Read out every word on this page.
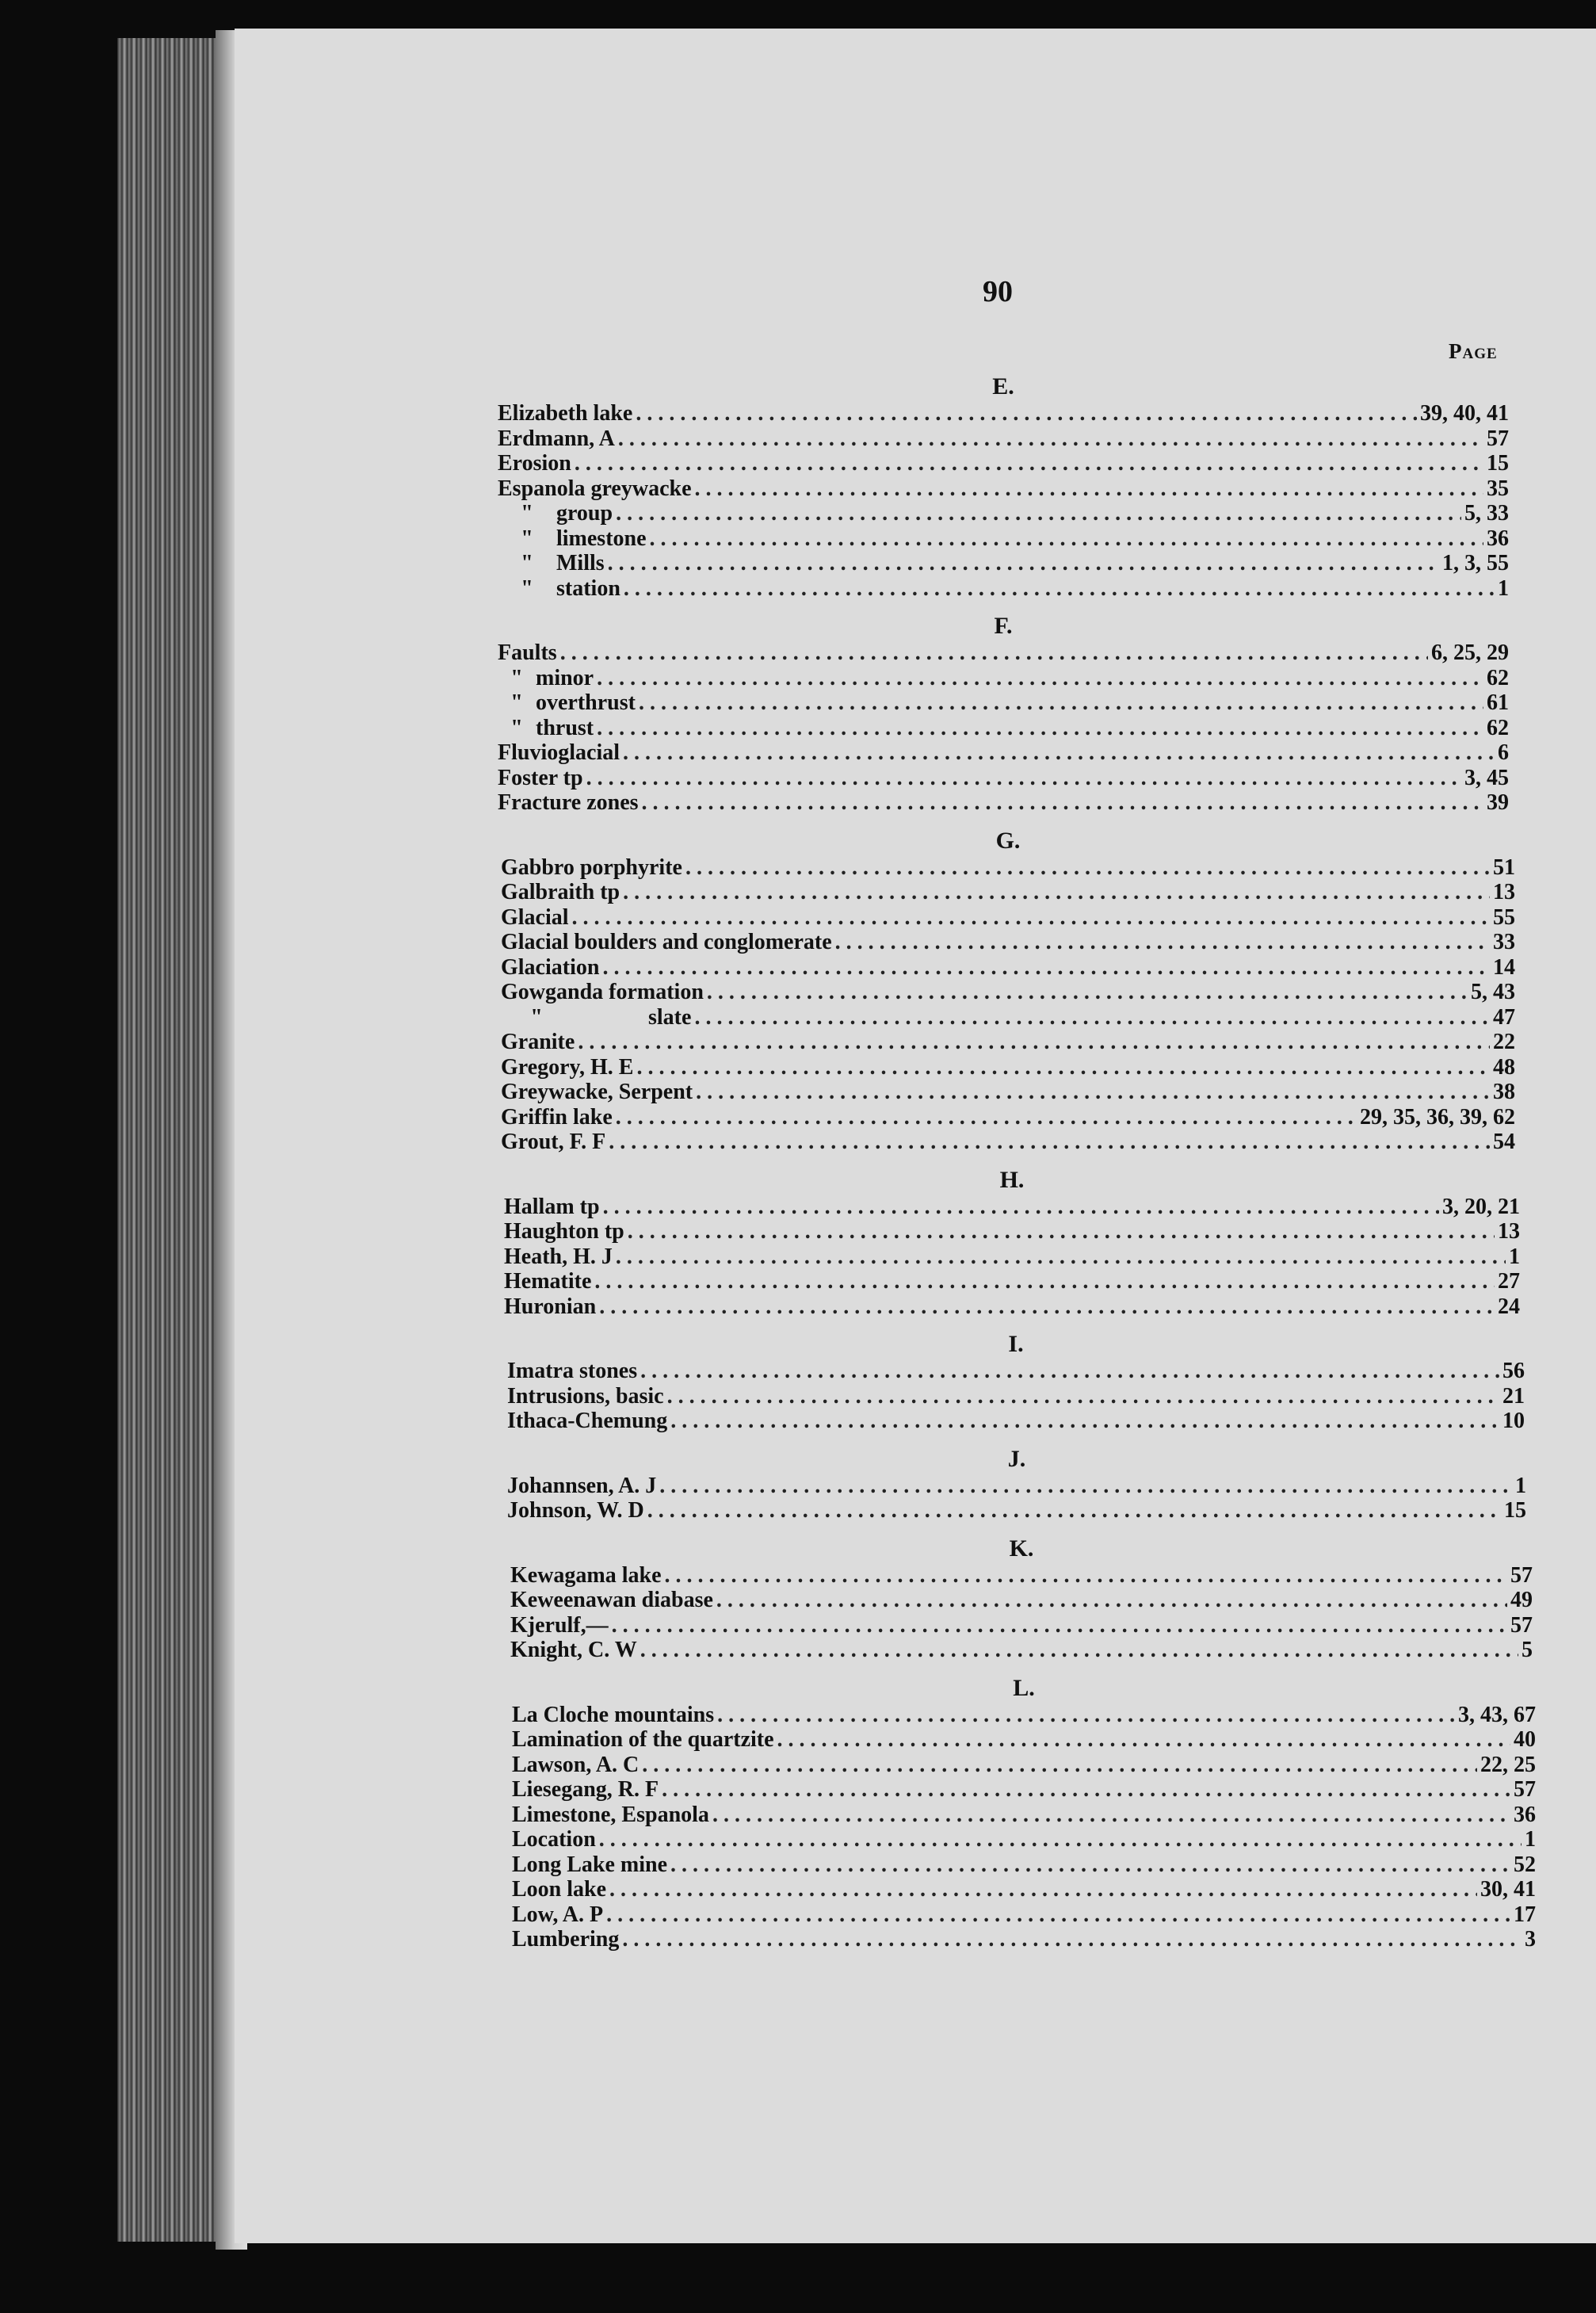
90
Page
E.
Elizabeth lake . . .	39, 40, 41
Erdmann, A . . .	57
Erosion . . .	15
Espanola greywacke . . .	35
" group . . .	5, 33
" limestone . . .	36
" Mills . . .	1, 3, 55
" station . . .	1
F.
Faults . . .	6, 25, 29
" minor . . .	62
" overthrust . . .	61
" thrust . . .	62
Fluvioglacial . . .	6
Foster tp . . .	3, 45
Fracture zones . . .	39
G.
Gabbro porphyrite . . .	51
Galbraith tp . . .	13
Glacial . . .	55
Glacial boulders and conglomerate . . .	33
Glaciation . . .	14
Gowganda formation . . .	5, 43
"	slate . . .	47
Granite . . .	22
Gregory, H. E . . .	48
Greywacke, Serpent . . .	38
Griffin lake . . .	29, 35, 36, 39, 62
Grout, F. F . . .	54
H.
Hallam tp . . .	3, 20, 21
Haughton tp . . .	13
Heath, H. J . . .	1
Hematite . . .	27
Huronian . . .	24
I.
Imatra stones . . .	56
Intrusions, basic . . .	21
Ithaca-Chemung . . .	10
J.
Johannsen, A. J . . .	1
Johnson, W. D . . .	15
K.
Kewagama lake . . .	57
Keweenawan diabase . . .	49
Kjerulf,— . . .	57
Knight, C. W . . .	5
L.
La Cloche mountains . . .	3, 43, 67
Lamination of the quartzite . . .	40
Lawson, A. C . . .	22, 25
Liesegang, R. F . . .	57
Limestone, Espanola . . .	36
Location . . .	1
Long Lake mine . . .	52
Loon lake . . .	30, 41
Low, A. P . . .	17
Lumbering . . .	3
